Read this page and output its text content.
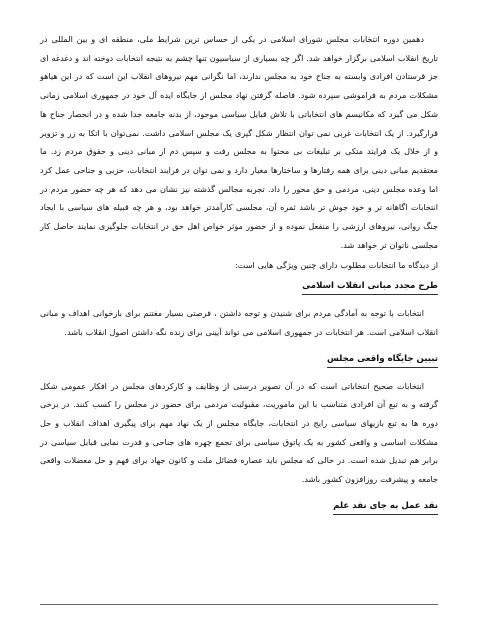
دهمین دوره انتخابات مجلس شورای اسلامی در یکی از حساس ترین شرایط ملی، منطقه ای و بین المللی در تاریخ انقلاب اسلامی برگزار خواهد شد. اگر چه بسیاری از سیاسیون تنها چشم به نتیجه انتخابات دوخته اند و دغدغه ای جز قرستادن افرادی وابسته به جناح خود به مجلس ندارند، اما نگرانی مهم نیروهای انقلاب این است که در این هیاهو مشکلات مردم به فراموشی سپرده شود. فاصله گرفتن نهاد مجلس از جایگاه ایده آل خود در جمهوری اسلامی زمانی شکل می گیرد که مکانیسم های انتخاباتی با تلاش قبایل سیاسی موجود، از بدنه جامعه جدا شده و در انحصار جناح ها قرارگیرد. از یک انتخابات غربی نمی توان انتظار شکل گیری یک مجلس اسلامی داشت. نمی‌توان با اتکا به زر و تزویر و از خلال یک فرایند متکی بر تبلیغات بی محتوا به مجلس رفت و سپس دم از مبانی دینی و حقوق مردم زد. ما معتقدیم مبانی دینی برای همه رفتارها و ساختارها معیار دارد و نمی توان در فرایند انتخابات، حزبی و جناحی عمل کرد اما وعده مجلس دینی، مردمی و حق محور را داد. تجربه مجالس گذشته نیز نشان می دهد که هر چه حضور مردم در انتخابات اگاهانه تر و خود جوش تر باشد ثمره آن، مجلسی کارآمدتر خواهد بود، و هر چه قبیله های سیاسی با ایجاد جنگ روانی، نیروهای ارزشی را منفعل نموده و از حضور موثر خواص اهل حق در انتخابات جلوگیری نمایند حاصل کار مجلسی ناتوان تر خواهد شد.

از دیدگاه ما انتخابات مطلوب دارای چنین ویژگی هایی است:

طرح مجدد مبانی انقلاب اسلامی

انتخابات با توجه به آمادگی مردم برای شنیدن و توجه داشتن ، فرصتی بسیار مغتنم برای بازخوانی اهداف و مبانی انقلاب اسلامی است. هر انتخابات در جمهوری اسلامی می تواند آیینی برای زنده نگه داشتن اصول انقلاب باشد.

تبیین جایگاه واقعی مجلس

انتخابات صحیح انتخاباتی است که در آن تصویر درستی از وظایف و کارکردهای مجلس در افکار عمومی شکل گرفته و به تبع آن افرادی متناسب با این ماموریت، مقبولیت مردمی برای حضور در مجلس را کسب کنند. در برخی دوره ها به تبع بازیهای سیاسی رایج در انتخابات، جایگاه مجلس از یک نهاد مهم برای پیگیری اهداف انقلاب و حل مشکلات اساسی و واقعی کشور به یک پاتوق سیاسی برای تجمع چهره های جناحی و قدرت نمایی قبایل سیاسی در برابر هم تبدیل شده است. در حالی که مجلس باید عصاره فضائل ملت و کانون جهاد برای فهم و حل معضلات واقعی جامعه و پیشرفت روزافزون کشور باشد.

نقد عمل به جای نقد علم
